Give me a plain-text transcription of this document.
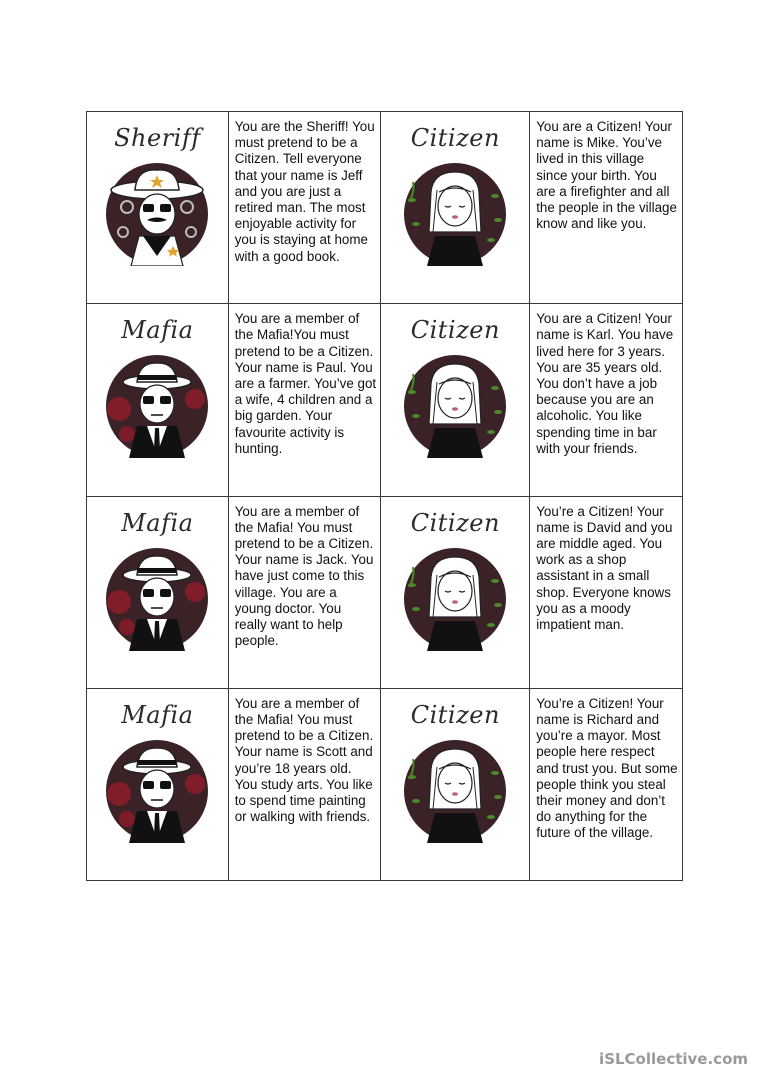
Sheriff	You are the Sheriff! You must pretend to be a Citizen. Tell everyone that your name is Jeff and you are just a retired man. The most enjoyable activity for you is staying at home with a good book.	Citizen	You are a Citizen! Your name is Mike. You’ve lived in this village since your birth. You are a firefighter and all the people in the village know and like you.

Mafia	You are a member of the Mafia!You must pretend to be a Citizen. Your name is Paul. You are a farmer. You’ve got a wife, 4 children and a big garden. Your favourite activity is hunting.	Citizen	You are a Citizen! Your name is Karl. You have lived here for 3 years. You are 35 years old. You don’t have a job because you are an alcoholic. You like spending time in bar with your friends.

Mafia	You are a member of the Mafia! You must pretend to be a Citizen. Your name is Jack. You have just come to this village. You are a young doctor. You really want to help people.	Citizen	You’re a Citizen! Your name is David and you are middle aged. You work as a shop assistant in a small shop. Everyone knows you as a moody impatient man.

Mafia	You are a member of the Mafia! You must pretend to be a Citizen. Your name is Scott and you’re 18 years old. You study arts. You like to spend time painting or walking with friends.	Citizen	You’re a Citizen! Your name is Richard and you’re a mayor. Most people here respect and trust you. But some people think you steal their money and don’t do anything for the future of the village.
iSLCollective.com
